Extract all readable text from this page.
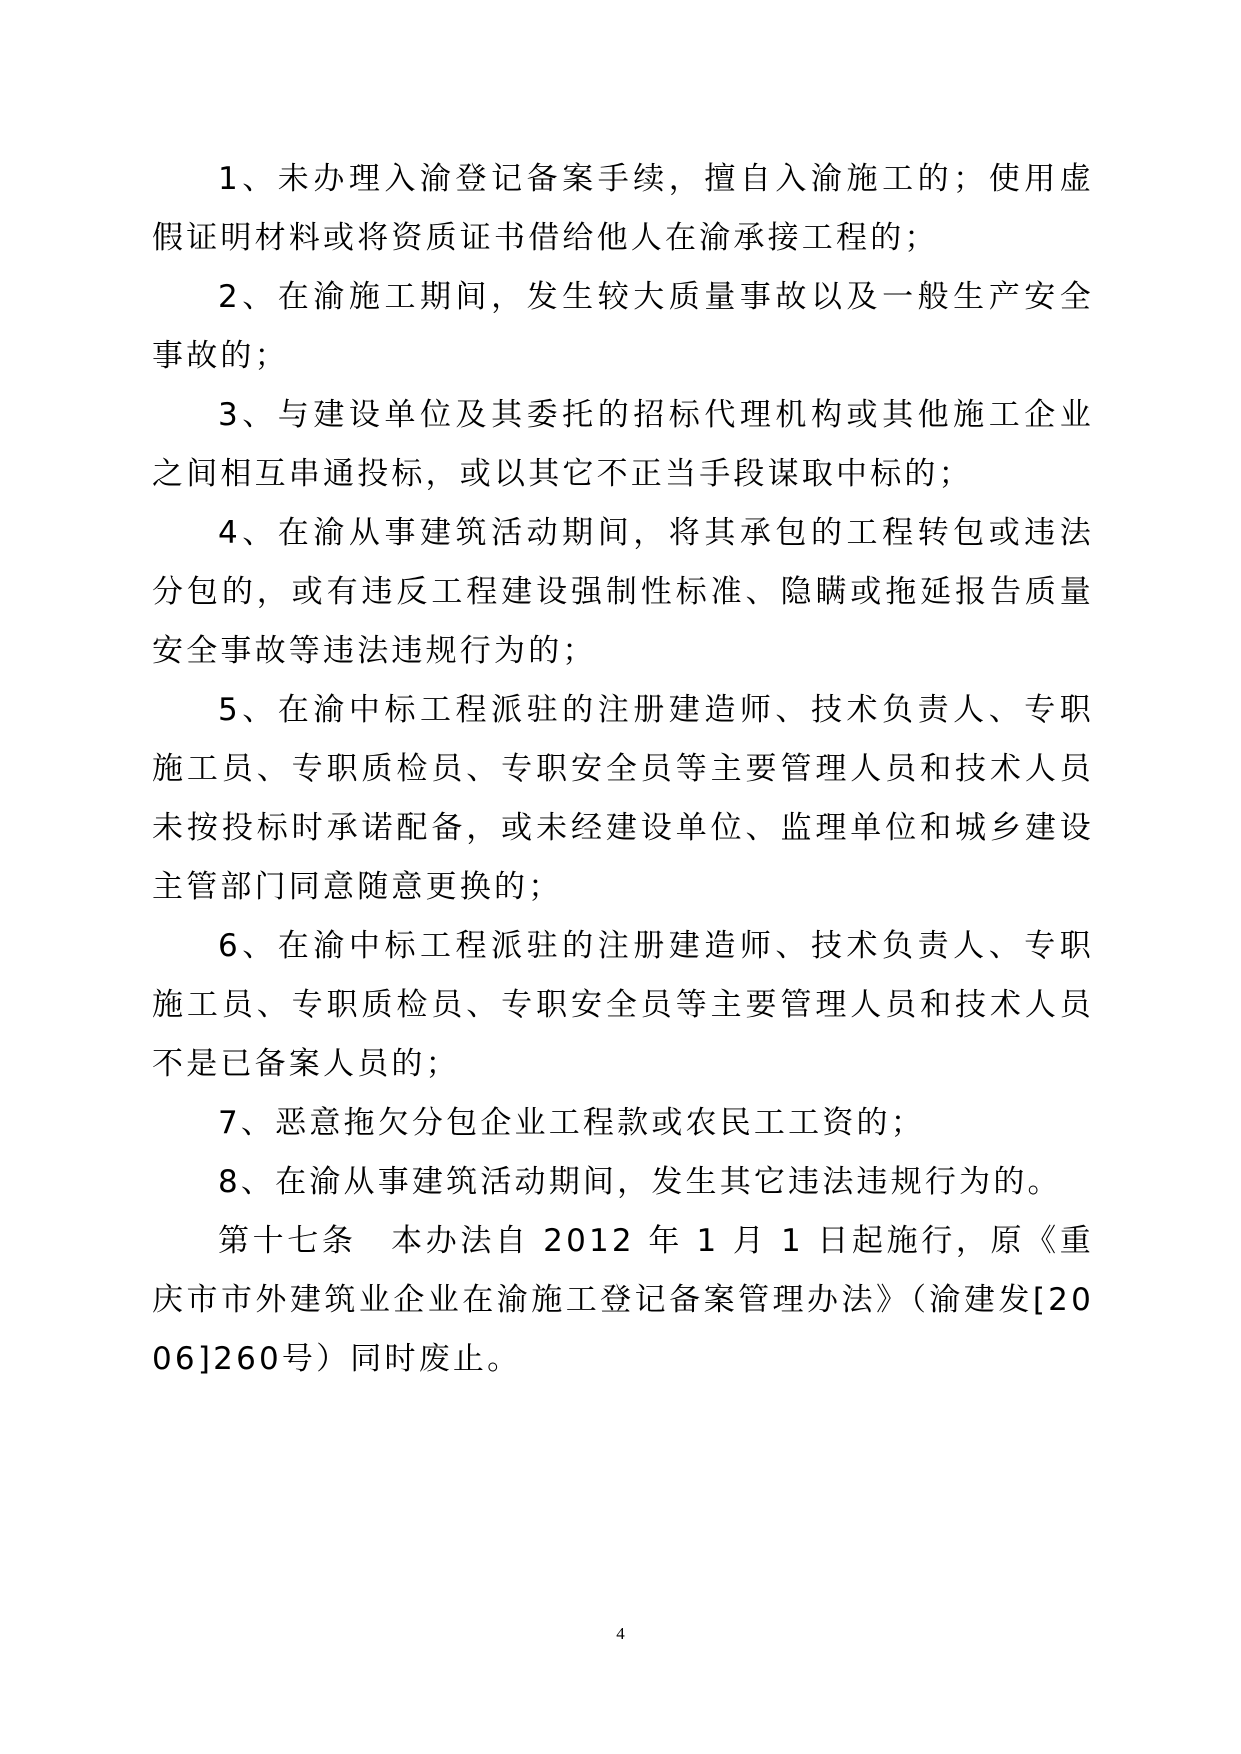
1、未办理入渝登记备案手续，擅自入渝施工的；使用虚假证明材料或将资质证书借给他人在渝承接工程的；

2、在渝施工期间，发生较大质量事故以及一般生产安全事故的；

3、与建设单位及其委托的招标代理机构或其他施工企业之间相互串通投标，或以其它不正当手段谋取中标的；

4、在渝从事建筑活动期间，将其承包的工程转包或违法分包的，或有违反工程建设强制性标准、隐瞒或拖延报告质量安全事故等违法违规行为的；

5、在渝中标工程派驻的注册建造师、技术负责人、专职施工员、专职质检员、专职安全员等主要管理人员和技术人员未按投标时承诺配备，或未经建设单位、监理单位和城乡建设主管部门同意随意更换的；

6、在渝中标工程派驻的注册建造师、技术负责人、专职施工员、专职质检员、专职安全员等主要管理人员和技术人员不是已备案人员的；

7、恶意拖欠分包企业工程款或农民工工资的；

8、在渝从事建筑活动期间，发生其它违法违规行为的。

第十七条　本办法自 2012 年 1 月 1 日起施行，原《重庆市市外建筑业企业在渝施工登记备案管理办法》（渝建发[2006]260号）同时废止。

4
